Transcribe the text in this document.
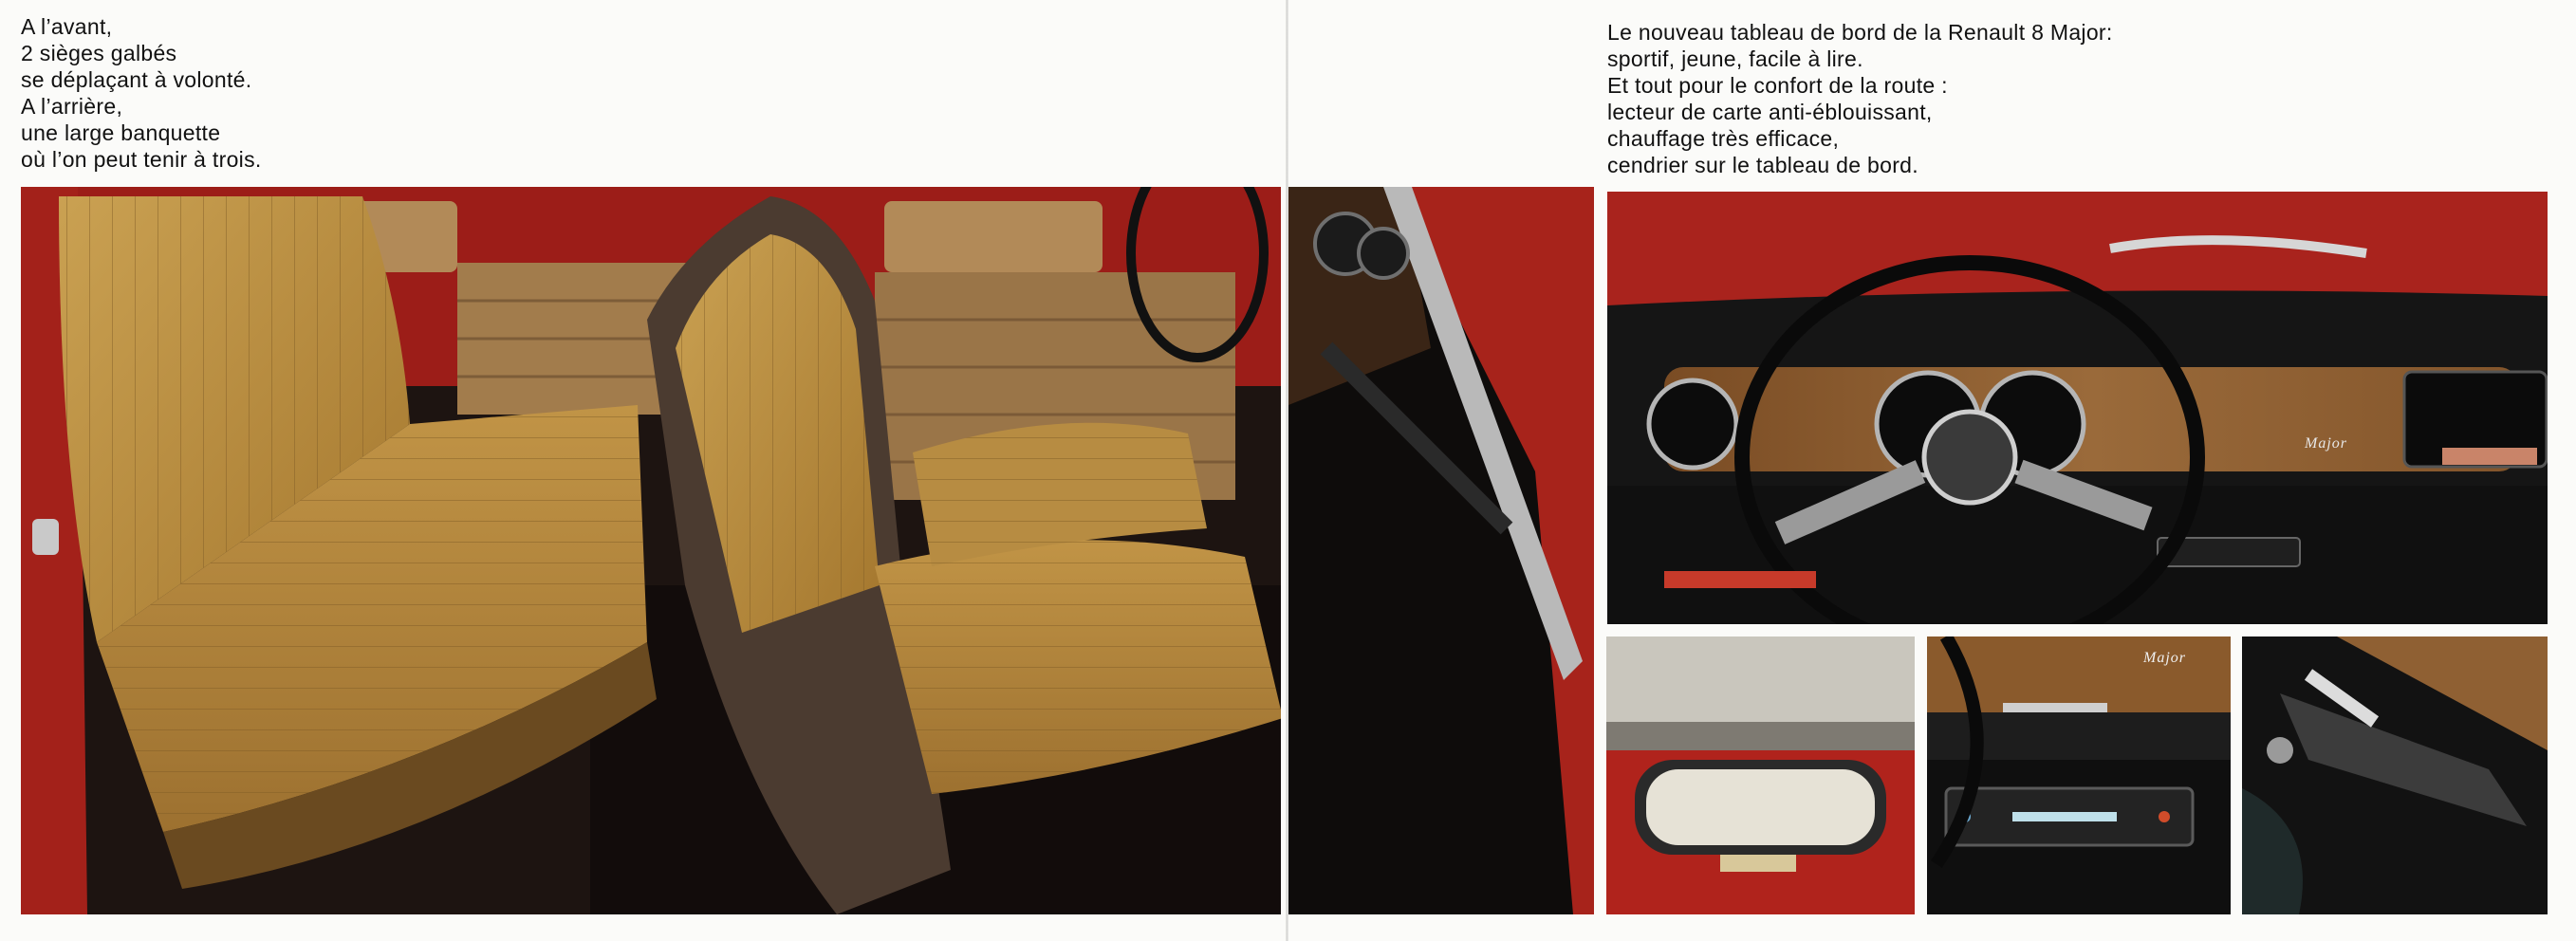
A l’avant,
2 sièges galbés
se déplaçant à volonté.
A l’arrière,
une large banquette
où l’on peut tenir à trois.
Le nouveau tableau de bord de la Renault 8 Major:
sportif, jeune, facile à lire.
Et tout pour le confort de la route :
lecteur de carte anti-éblouissant,
chauffage très efficace,
cendrier sur le tableau de bord.
Major
Major
